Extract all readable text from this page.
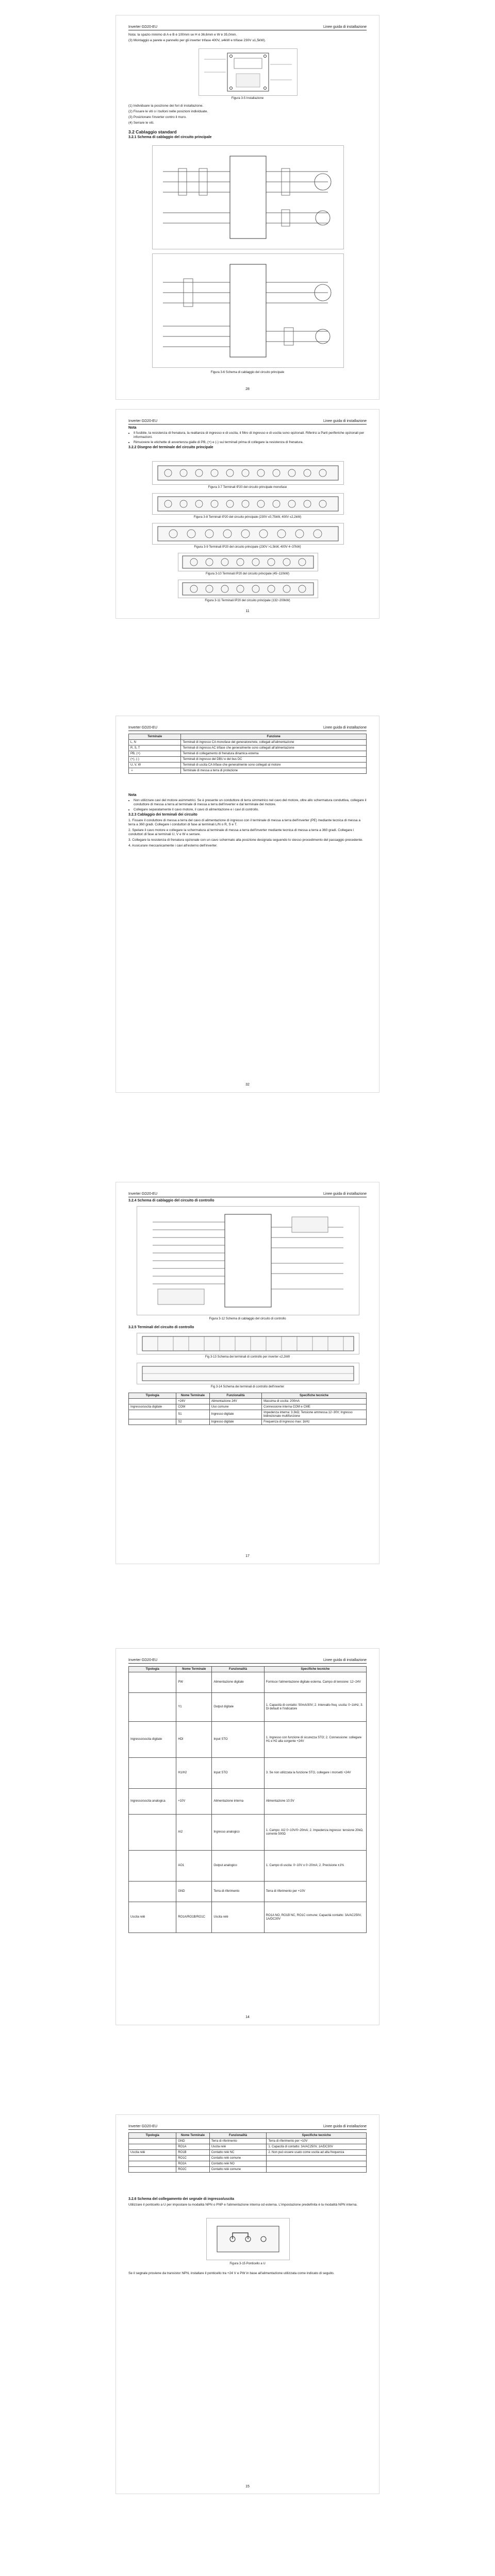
Inverter GD20-EU	Linee guida di installazione

Nota: la spazio minimo di A e B è 100mm se H è 36,6mm e W è 35,0mm.

(3) Montaggio a parete e pannello per gli inverter trifase 400V, ≥4kW e trifase 230V ≥1,5kW).

Figura 3-5 Installazione

(1) Individuare la posizione dei fori di installazione.

(2) Fissare le viti o i bulloni nelle posizioni individuate.

(3) Posizionare l'inverter contro il muro.

(4) Serrare le viti.

3.2 Cablaggio standard

3.2.1 Schema di cablaggio del circuito principale

Figura 3-6 Schema di cablaggio del circuito principale
28
Inverter GD20-EU	Linee guida di installazione
Nota
• Il fusibile, la resistenza di frenatura, la reattanza di ingresso e di uscita, il filtro di ingresso e di uscita sono opzionali. Riferirsi a Parti periferiche opzionali per informazioni.
• Rimuovere le etichette di avvertenza gialle di PB, (+) e (-) sui terminali prima di collegare la resistenza di frenatura.

3.2.2 Disegno del terminale del circuito principale

Figura 3-7 Terminali IP20 del circuito principale monofase
Figura 3-8 Terminali IP20 del circuito principale (230V ≤0,75kW, 400V ≤2,2kW)
Figura 3-9 Terminali IP20 del circuito principale (230V >1,5kW, 400V 4~37kW)
Figura 3-10 Terminali IP20 del circuito principale (45~110kW)
Figura 3-11 Terminali IP20 del circuito principale (132~200kW)
11
Inverter GD20-EU	Linee guida di installazione
Terminale	Funzione
L, N	Terminali di ingresso CA monofase del generatore/rete, collegati all'alimentazione
R, S, T	Terminali di ingresso AC trifase che generalmente sono collegati all'alimentazione
PB, (+)	Terminali di collegamento di frenatura dinamica esterna
(+), (-)	Terminali di ingresso del DBU e del bus DC
U, V, W	Terminali di uscita CA trifase che generalmente sono collegati al motore
⏚	Terminale di messa a terra di protezione
Nota
• Non utilizzare cavi del motore asimmetrici. Se è presente un conduttore di terra simmetrico nel cavo del motore, oltre allo schermatura conduttiva, collegare il conduttore di messa a terra al terminale di messa a terra dell'inverter e dal terminale del motore.
• Collegare separatamente il cavo motore, il cavo di alimentazione e i cavi di controllo.

3.2.3 Cablaggio dei terminali dei circuito

1. Fissare il conduttore di messa a terra del cavo di alimentazione di ingresso con il terminale di messa a terra dell'inverter (PE) mediante tecnica di messa a terra a 360 gradi. Collegare i conduttori di fase ai terminali L/N o R, S e T.

2. Spelare il cavo motore e collegare la schermatura al terminale di messa a terra dell'inverter mediante tecnica di messa a terra a 360 gradi. Collegare i conduttori di fase ai terminali U, V e W e serrare.

3. Collegare la resistenza di frenatura opzionale con un cavo schermato alla posizione designata seguendo lo stesso procedimento del passaggio precedente.

4. Assicurare meccanicamente i cavi all'esterno dell'inverter.

32
Inverter GD20-EU	Linee guida di installazione

3.2.4 Schema di cablaggio del circuito di controllo

Figura 3-12 Schema di cablaggio del circuito di controllo

3.2.5 Terminali del circuito di controllo

Fig 3-13 Schema dei terminali di controllo per inverter ≤2,2kW
Fig 3-14 Schema dei terminali di controllo dell'inverter
Tipologia	Nome Terminale	Funzionalità	Specifiche tecniche
	+24V	Alimentazione 24V	Massima di uscita: 200mA
Ingresso/uscita digitale	COM	Uso comune	Connessione interna COM e CME
	S1	Ingresso digitale	Impedenza interna: 3.3kΩ; Tensione ammessa 12~30V; Ingresso bidirezionale multifunzione
	S2	Ingresso digitale	Frequenza di ingresso max: 1kHz
17
Inverter GD20-EU	Linee guida di installazione
Tipologia	Nome Terminale	Funzionalità	Specifiche tecniche
	PW	Alimentazione digitale	Fornisce l'alimentazione digitale esterna. Campo di tensione: 12~24V
	Y1	Output digitale	1. Capacità di contatto: 50mA/30V; 2. Intervallo freq. uscita: 0~1kHz; 3. Di default è l'indicatore
Ingresso/uscita digitale	HDI	Input STO	1. Ingresso con funzione di sicurezza STO; 2. Connessione: collegare H1 e H2 alla sorgente +24V
	H1/H2	Input STO	3. Se non utilizzata la funzione STO, collegare i morsetti +24V
Ingresso/uscita analogica	+10V	Alimentazione interna	Alimentazione 10.5V
	AI2	Ingresso analogico	1. Campo: AI2 0~10V/0~20mA; 2. Impedenza ingresso: tensione 20kΩ, corrente 500Ω
	AO1	Output analogico	1. Campo di uscita: 0~10V o 0~20mA; 2. Precisione ±1%
	GND	Terra di riferimento	Terra di riferimento per +10V
Uscita relè	RO1A/RO1B/RO1C	Uscita relè	RO1A NO, RO1B NC, RO1C comune; Capacità contatto: 3A/AC250V, 1A/DC30V
14
Inverter GD20-EU	Linee guida di installazione
Tipologia	Nome Terminale	Funzionalità	Specifiche tecniche
	GND	Terra di riferimento	Terra di riferimento per +10V
	RO1A	Uscita relè	1. Capacità di contatto: 3A/AC250V, 1A/DC30V
Uscita relè	RO1B	Contatto relè NC	2. Non può essere usato come uscita ad alta frequenza
	RO1C	Contatto relè comune	
	RO2A	Contatto relè NO	
	RO2C	Contatto relè comune	

3.2.6 Schema del collegamento dei segnale di ingresso/uscita

Utilizzare il ponticello a U per impostare la modalità NPN o PNP e l'alimentazione interna od esterna. L'impostazione predefinita è la modalità NPN interna.

Figura 3-15 Ponticello a U

Se il segnale proviene da transistor NPN, installare il ponticello tra +24 V e PW in base all'alimentazione utilizzata come indicato di seguito.

15
